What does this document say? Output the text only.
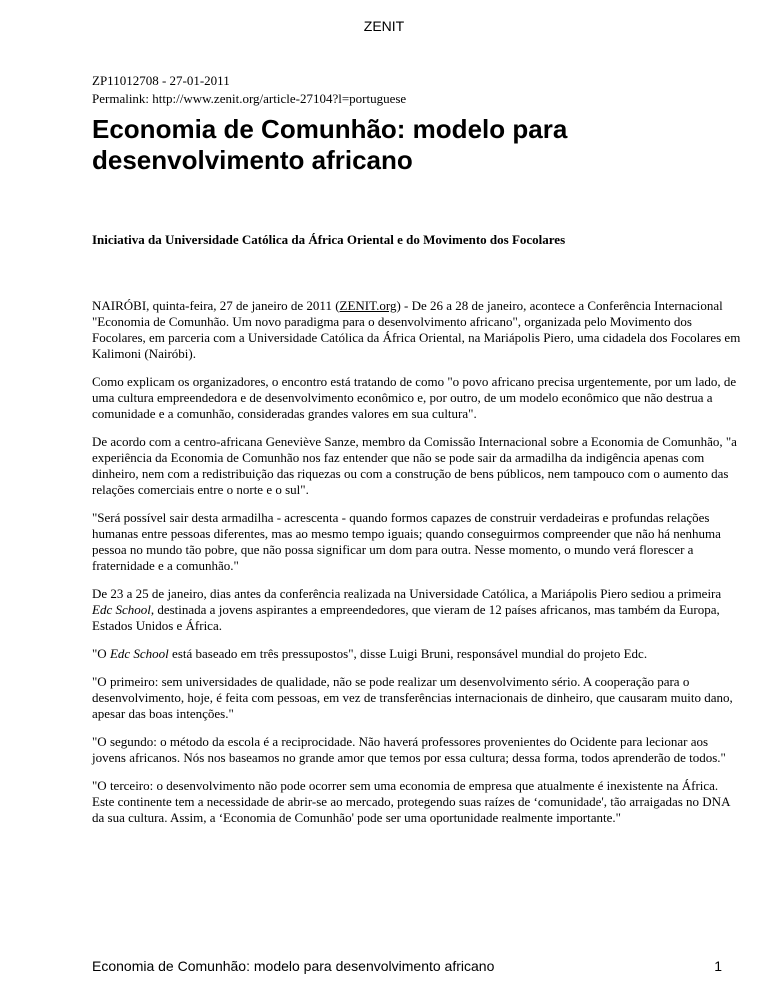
ZENIT
ZP11012708 - 27-01-2011
Permalink: http://www.zenit.org/article-27104?l=portuguese
Economia de Comunhão: modelo para desenvolvimento africano
Iniciativa da Universidade Católica da África Oriental e do Movimento dos Focolares

NAIRÓBI, quinta-feira, 27 de janeiro de 2011 (ZENIT.org) - De 26 a 28 de janeiro, acontece a Conferência Internacional "Economia de Comunhão. Um novo paradigma para o desenvolvimento africano", organizada pelo Movimento dos Focolares, em parceria com a Universidade Católica da África Oriental, na Mariápolis Piero, uma cidadela dos Focolares em Kalimoni (Nairóbi).

Como explicam os organizadores, o encontro está tratando de como "o povo africano precisa urgentemente, por um lado, de uma cultura empreendedora e de desenvolvimento econômico e, por outro, de um modelo econômico que não destrua a comunidade e a comunhão, consideradas grandes valores em sua cultura".

De acordo com a centro-africana Geneviève Sanze, membro da Comissão Internacional sobre a Economia de Comunhão, "a experiência da Economia de Comunhão nos faz entender que não se pode sair da armadilha da indigência apenas com dinheiro, nem com a redistribuição das riquezas ou com a construção de bens públicos, nem tampouco com o aumento das relações comerciais entre o norte e o sul".

"Será possível sair desta armadilha - acrescenta - quando formos capazes de construir verdadeiras e profundas relações humanas entre pessoas diferentes, mas ao mesmo tempo iguais; quando conseguirmos compreender que não há nenhuma pessoa no mundo tão pobre, que não possa significar um dom para outra. Nesse momento, o mundo verá florescer a fraternidade e a comunhão."

De 23 a 25 de janeiro, dias antes da conferência realizada na Universidade Católica, a Mariápolis Piero sediou a primeira Edc School, destinada a jovens aspirantes a empreendedores, que vieram de 12 países africanos, mas também da Europa, Estados Unidos e África.

"O Edc School está baseado em três pressupostos", disse Luigi Bruni, responsável mundial do projeto Edc.

"O primeiro: sem universidades de qualidade, não se pode realizar um desenvolvimento sério. A cooperação para o desenvolvimento, hoje, é feita com pessoas, em vez de transferências internacionais de dinheiro, que causaram muito dano, apesar das boas intenções."

"O segundo: o método da escola é a reciprocidade. Não haverá professores provenientes do Ocidente para lecionar aos jovens africanos. Nós nos baseamos no grande amor que temos por essa cultura; dessa forma, todos aprenderão de todos."

"O terceiro: o desenvolvimento não pode ocorrer sem uma economia de empresa que atualmente é inexistente na África. Este continente tem a necessidade de abrir-se ao mercado, protegendo suas raízes de ‘comunidade', tão arraigadas no DNA da sua cultura. Assim, a ‘Economia de Comunhão' pode ser uma oportunidade realmente importante."

Economia de Comunhão: modelo para desenvolvimento africano	1
